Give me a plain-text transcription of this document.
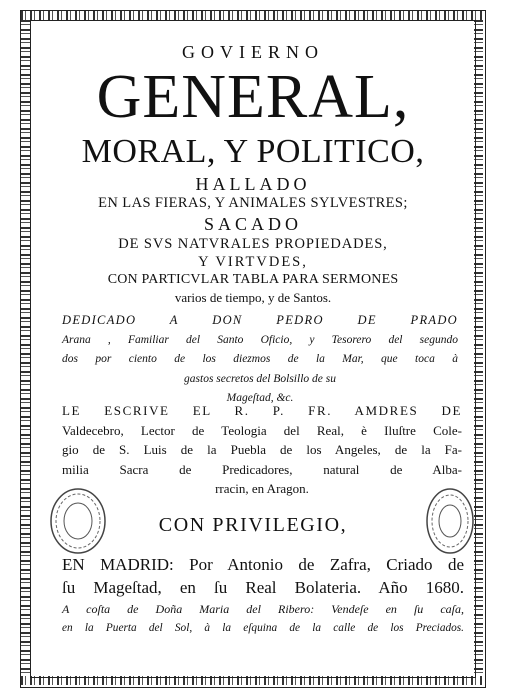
GOVIERNO
GENERAL,
MORAL, Y POLITICO,
HALLADO
EN LAS FIERAS, Y ANIMALES SYLVESTRES;
SACADO
DE SVS NATVRALES PROPIEDADES,
Y VIRTVDES,
CON PARTICVLAR TABLA PARA SERMONES
varios de tiempo, y de Santos.
DEDICADO A DON PEDRO DE PRADO
Arana , Familiar del Santo Oficio, y Tesorero del segundo
dos por ciento de los diezmos de la Mar, que toca à
gastos secretos del Bolsillo de su
Mageſtad, &c.
LE ESCRIVE EL R. P. FR. AMDRES DE
Valdecebro, Lector de Teologia del Real, è Iluſtre Cole-
gio de S. Luis de la Puebla de los Angeles, de la Fa-
milia Sacra de Predicadores, natural de Alba-
rracin, en Aragon.
CON PRIVILEGIO,
EN MADRID: Por Antonio de Zafra, Criado de
ſu Mageſtad, en ſu Real Bolateria. Año 1680.
A coſta de Doña Maria del Ribero: Vendeſe en ſu caſa,
en la Puerta del Sol, à la eſquina de la calle de los Preciados.
